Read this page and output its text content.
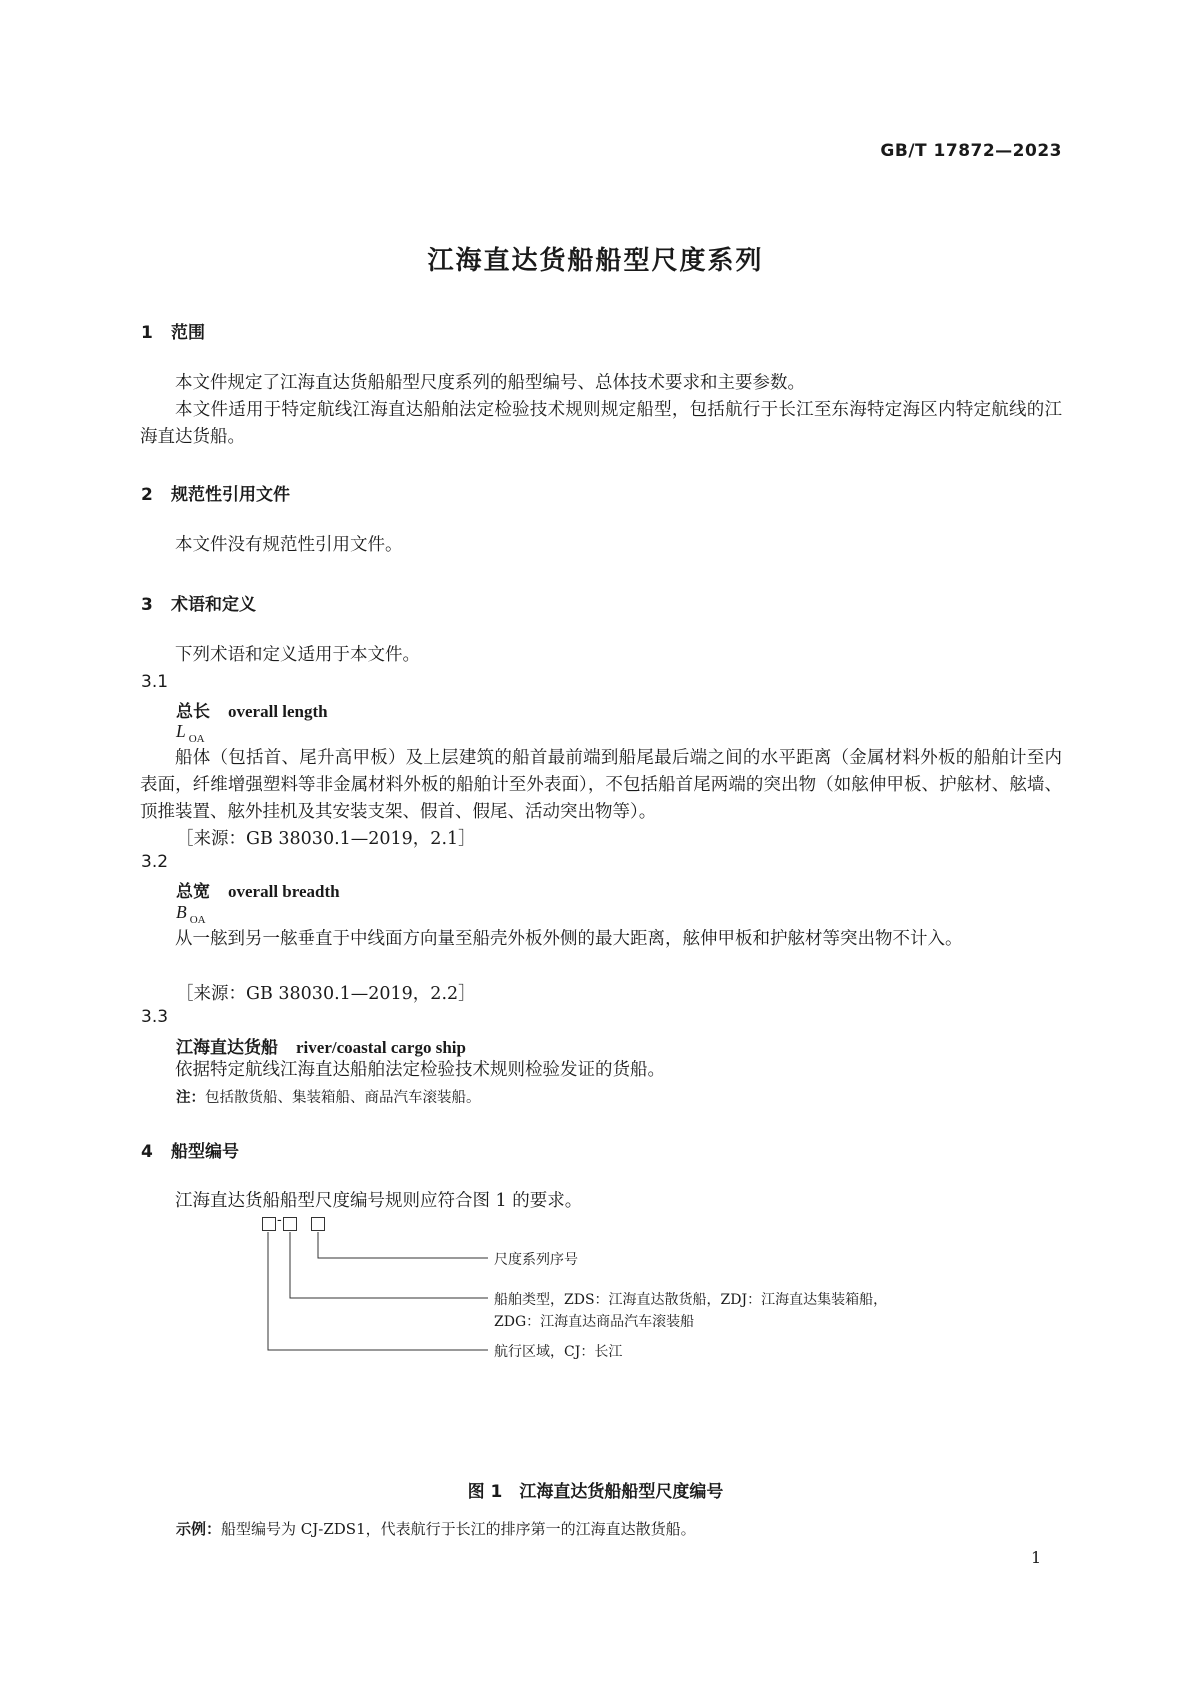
GB/T 17872—2023
江海直达货船船型尺度系列
1 范围
本文件规定了江海直达货船船型尺度系列的船型编号、总体技术要求和主要参数。
本文件适用于特定航线江海直达船舶法定检验技术规则规定船型，包括航行于长江至东海特定海区内特定航线的江海直达货船。
2 规范性引用文件
本文件没有规范性引用文件。
3 术语和定义
下列术语和定义适用于本文件。
3.1
总长 overall length
L $_{OA}$
船体（包括首、尾升高甲板）及上层建筑的船首最前端到船尾最后端之间的水平距离（金属材料外板的船舶计至内表面，纤维增强塑料等非金属材料外板的船舶计至外表面），不包括船首尾两端的突出物（如舷伸甲板、护舷材、舷墙、顶推装置、舷外挂机及其安装支架、假首、假尾、活动突出物等）。
［来源：GB 38030.1—2019，2.1］
3.2
总宽 overall breadth
B $_{OA}$
从一舷到另一舷垂直于中线面方向量至船壳外板外侧的最大距离，舷伸甲板和护舷材等突出物不计入。
［来源：GB 38030.1—2019，2.2］
3.3
江海直达货船 river/coastal cargo ship
依据特定航线江海直达船舶法定检验技术规则检验发证的货船。
注：包括散货船、集装箱船、商品汽车滚装船。
4 船型编号
江海直达货船船型尺度编号规则应符合图 1 的要求。
-
尺度系列序号
船舶类型，ZDS：江海直达散货船，ZDJ：江海直达集装箱船，
ZDG：江海直达商品汽车滚装船
航行区域，CJ：长江
图 1　江海直达货船船型尺度编号
示例：船型编号为 CJ-ZDS1，代表航行于长江的排序第一的江海直达散货船。
1
